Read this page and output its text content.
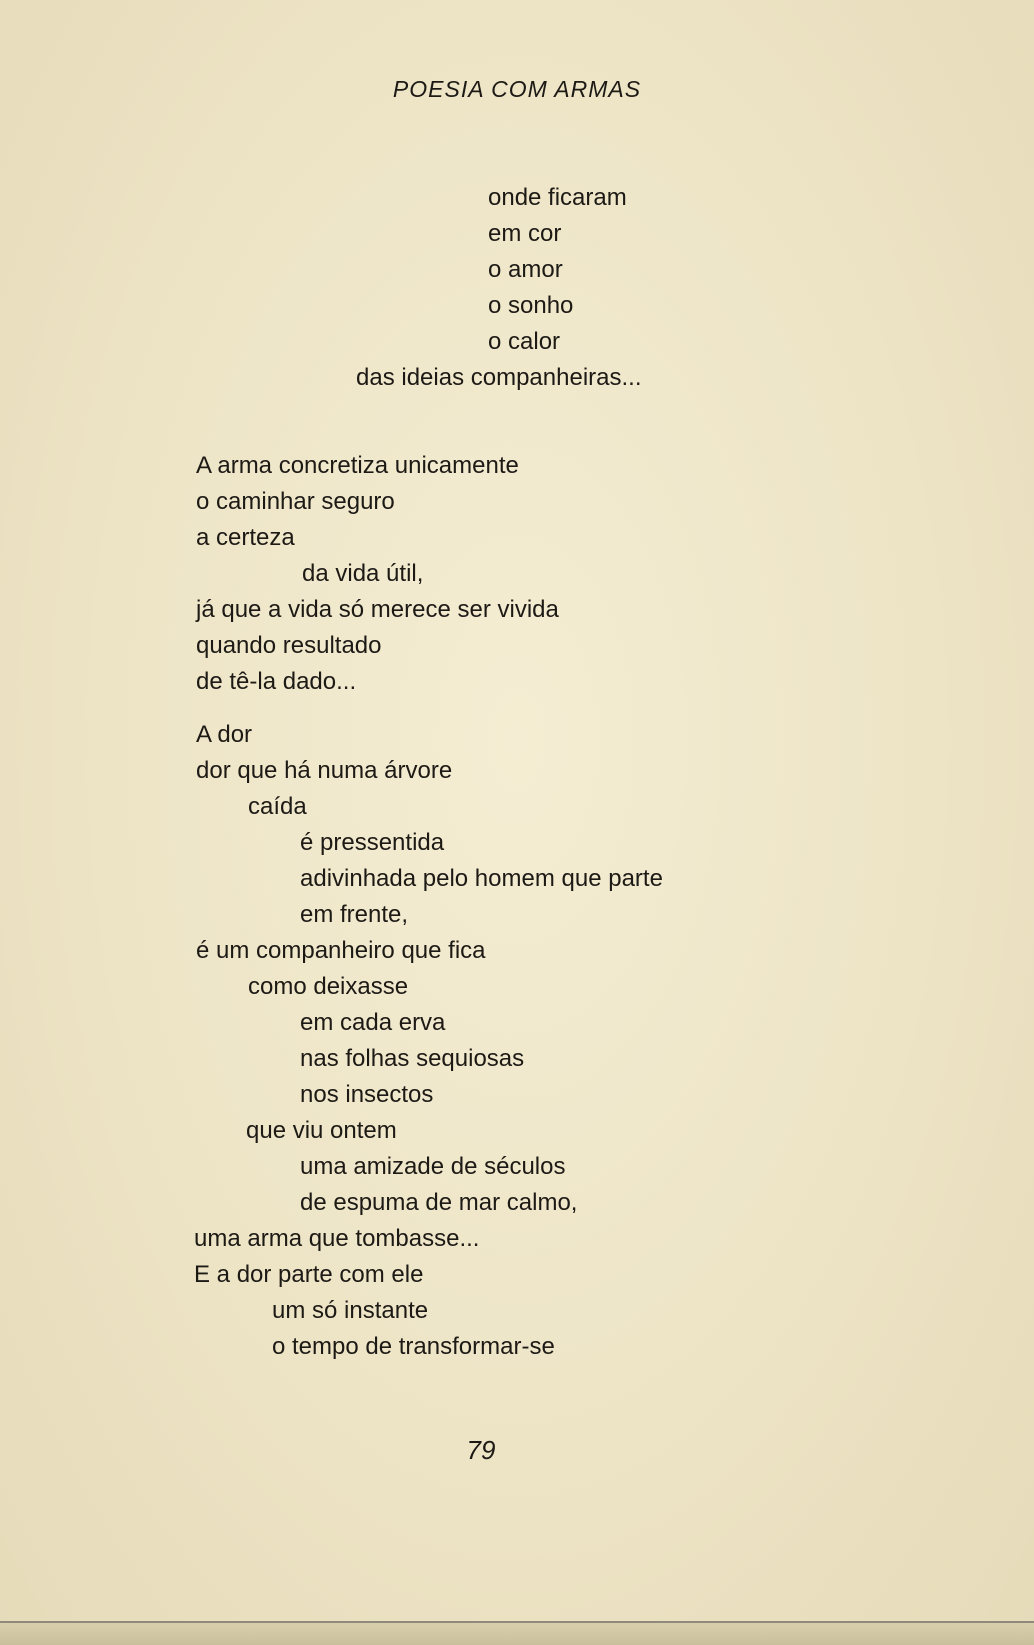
POESIA COM ARMAS
onde ficaram
em cor
o amor
o sonho
o calor
das ideias companheiras...
A arma concretiza unicamente
o caminhar seguro
a certeza
da vida útil,
já que a vida só merece ser vivida
quando resultado
de tê-la dado...
A dor
dor que há numa árvore
caída
é pressentida
adivinhada pelo homem que parte
em frente,
é um companheiro que fica
como deixasse
em cada erva
nas folhas sequiosas
nos insectos
que viu ontem
uma amizade de séculos
de espuma de mar calmo,
uma arma que tombasse...
E a dor parte com ele
um só instante
o tempo de transformar-se
79
